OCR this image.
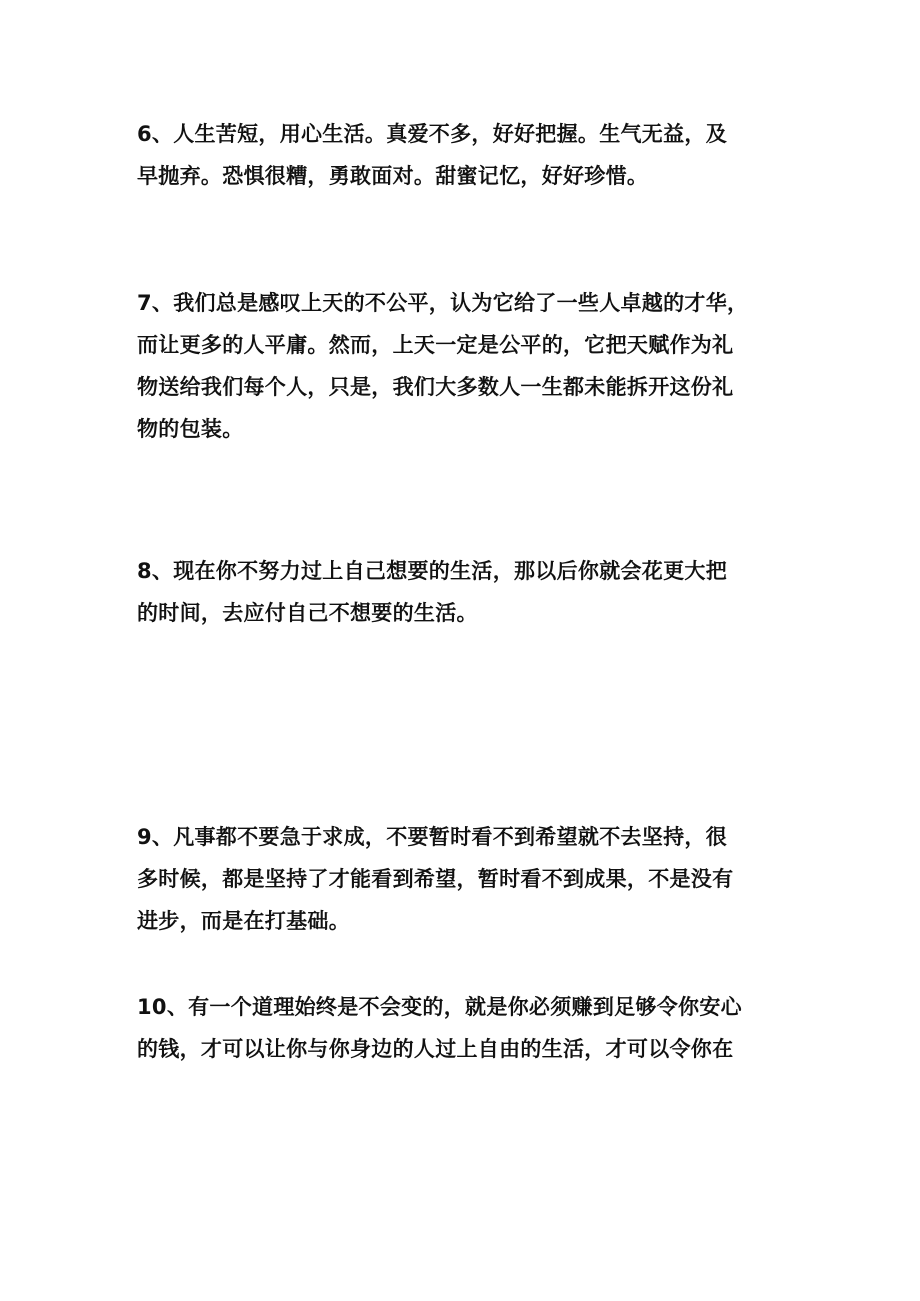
6、人生苦短，用心生活。真爱不多，好好把握。生气无益，及
早抛弃。恐惧很糟，勇敢面对。甜蜜记忆，好好珍惜。

7、我们总是感叹上天的不公平，认为它给了一些人卓越的才华，
而让更多的人平庸。然而，上天一定是公平的，它把天赋作为礼
物送给我们每个人，只是，我们大多数人一生都未能拆开这份礼
物的包装。

8、现在你不努力过上自己想要的生活，那以后你就会花更大把
的时间，去应付自己不想要的生活。

9、凡事都不要急于求成，不要暂时看不到希望就不去坚持，很
多时候，都是坚持了才能看到希望，暂时看不到成果，不是没有
进步，而是在打基础。

10、有一个道理始终是不会变的，就是你必须赚到足够令你安心
的钱，才可以让你与你身边的人过上自由的生活，才可以令你在
